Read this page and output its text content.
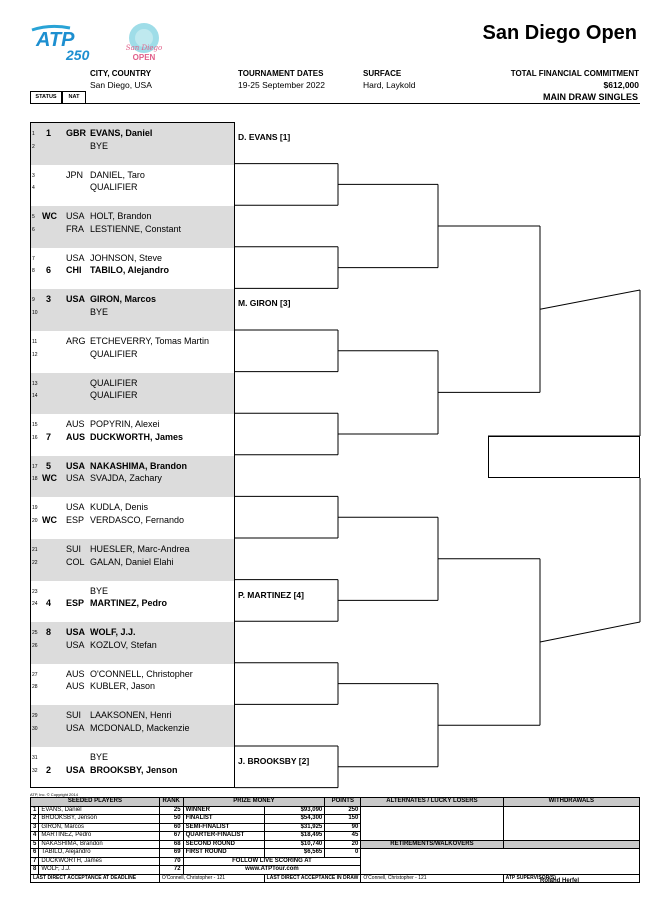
ATP
250	San Diego
OPEN
San Diego Open
CITY, COUNTRY
San Diego, USA
TOURNAMENT DATES
19-25 September 2022
SURFACE
Hard, Laykold
TOTAL FINANCIAL COMMITMENT
$612,000
STATUS	NAT	MAIN DRAW SINGLES
1 1 GBR EVANS, Daniel
2	BYE
3	JPN DANIEL, Taro
4	QUALIFIER
5 WC USA HOLT, Brandon
6	FRA LESTIENNE, Constant
7	USA JOHNSON, Steve
8 6 CHI TABILO, Alejandro
9 3 USA GIRON, Marcos
10	BYE
11	ARG ETCHEVERRY, Tomas Martin
12	QUALIFIER
13	QUALIFIER
14	QUALIFIER
15	AUS POPYRIN, Alexei
16 7 AUS DUCKWORTH, James
17 5 USA NAKASHIMA, Brandon
18 WC USA SVAJDA, Zachary
19	USA KUDLA, Denis
20 WC ESP VERDASCO, Fernando
21	SUI HUESLER, Marc-Andrea
22	COL GALAN, Daniel Elahi
23	BYE
24 4 ESP MARTINEZ, Pedro
25 8 USA WOLF, J.J.
26	USA KOZLOV, Stefan
27	AUS O'CONNELL, Christopher
28	AUS KUBLER, Jason
29	SUI LAAKSONEN, Henri
30	USA MCDONALD, Mackenzie
31	BYE
32 2 USA BROOKSBY, Jenson
D. EVANS [1]
M. GIRON [3]
P. MARTINEZ [4]
J. BROOKSBY [2]
ATP, Inc. © Copyright 2014
SEEDED PLAYERS		RANK	PRIZE MONEY		POINTS	ALTERNATES / LUCKY LOSERS	WITHDRAWALS
1	EVANS, Daniel	25	WINNER	$93,090	250		
2	BROOKSBY, Jenson	50	FINALIST	$54,300	150		
3	GIRON, Marcos	60	SEMI-FINALIST	$31,925	90		
4	MARTINEZ, Pedro	67	QUARTER-FINALIST	$18,495	45		
5	NAKASHIMA, Brandon	68	SECOND ROUND	$10,740	20	RETIREMENTS/WALKOVERS	
6	TABILO, Alejandro	69	FIRST ROUND	$6,565	0		
7	DUCKWORTH, James	70	FOLLOW LIVE SCORING AT				
8	WOLF, J.J.	72	www.ATPTour.com				
LAST DIRECT ACCEPTANCE AT DEADLINE		O'Connell, Christopher - 121		LAST DIRECT ACCEPTANCE IN DRAW		O'Connell, Christopher - 121	ATP SUPERVISOR(S)
Roland Herfel
